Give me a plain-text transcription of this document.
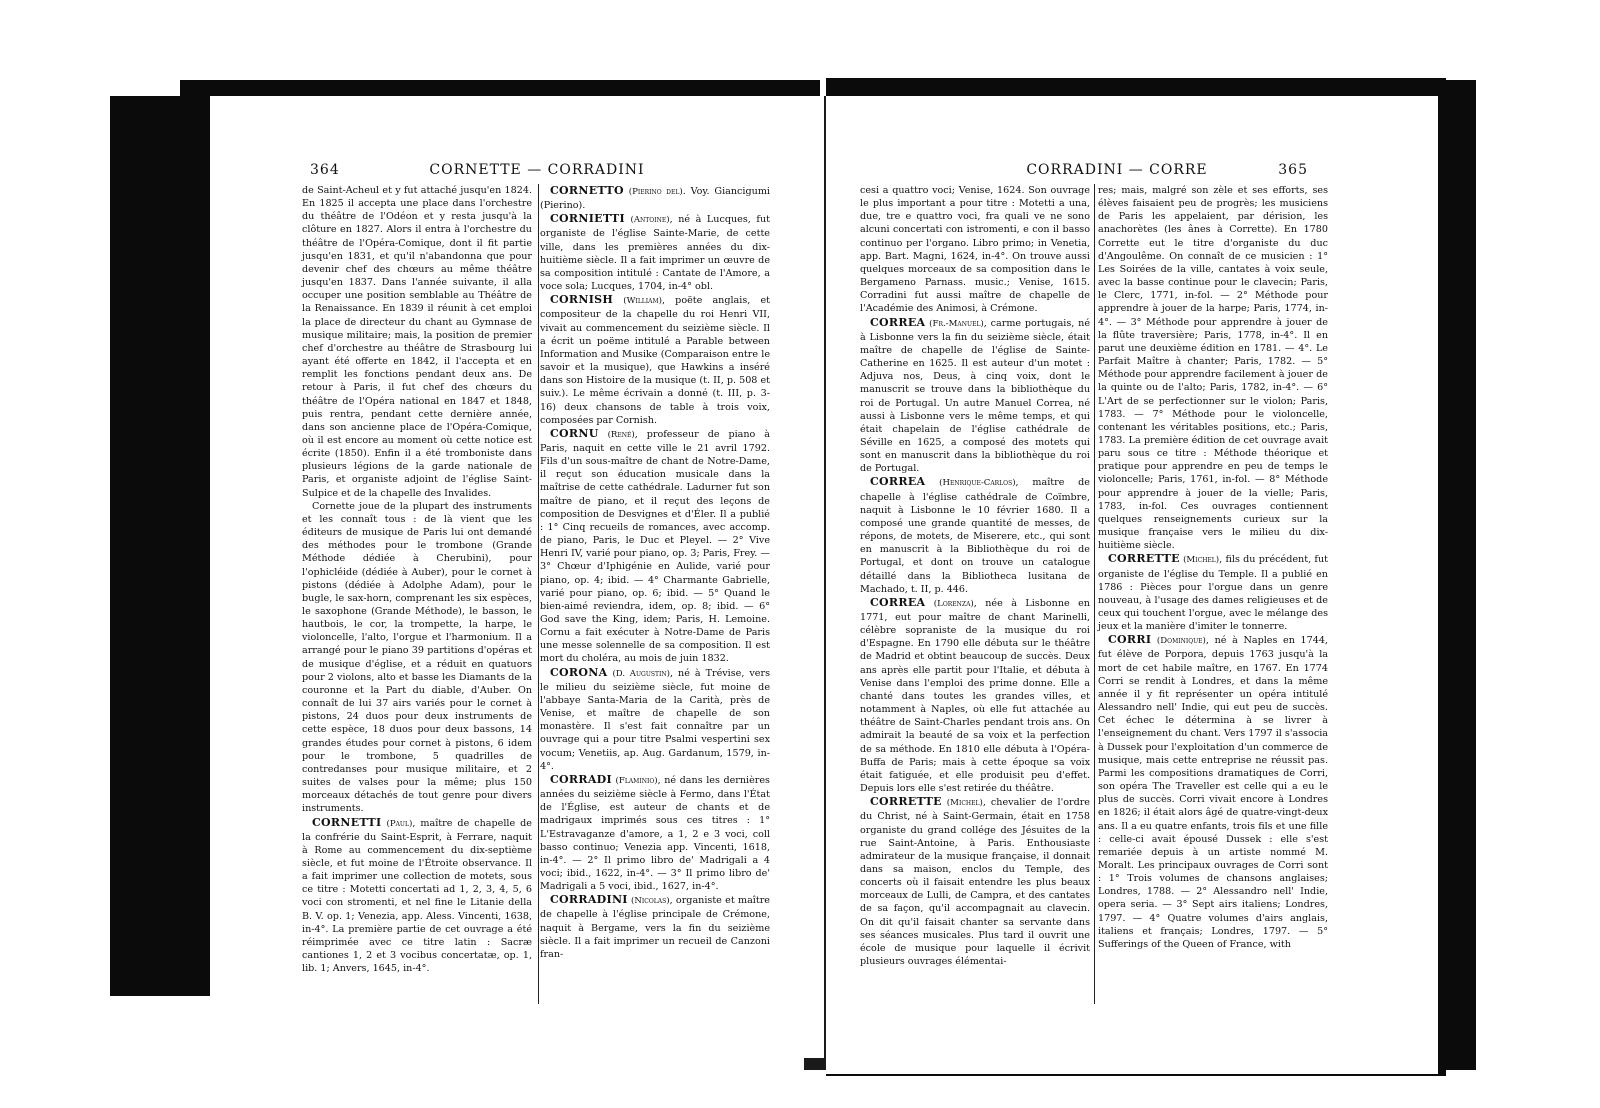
364	CORNETTE — CORRADINI

de Saint-Acheul et y fut attaché jusqu'en 1824. En 1825 il accepta une place dans l'orchestre du théâtre de l'Odéon et y resta jusqu'à la clôture en 1827. Alors il entra à l'orchestre du théâtre de l'Opéra-Comique, dont il fit partie jusqu'en 1831, et qu'il n'abandonna que pour devenir chef des chœurs au même théâtre jusqu'en 1837. Dans l'année suivante, il alla occuper une position semblable au Théâtre de la Renaissance. En 1839 il réunit à cet emploi la place de directeur du chant au Gymnase de musique militaire; mais, la position de premier chef d'orchestre au théâtre de Strasbourg lui ayant été offerte en 1842, il l'accepta et en remplit les fonctions pendant deux ans. De retour à Paris, il fut chef des chœurs du théâtre de l'Opéra national en 1847 et 1848, puis rentra, pendant cette dernière année, dans son ancienne place de l'Opéra-Comique, où il est encore au moment où cette notice est écrite (1850). Enfin il a été tromboniste dans plusieurs légions de la garde nationale de Paris, et organiste adjoint de l'église Saint-Sulpice et de la chapelle des Invalides.

Cornette joue de la plupart des instruments et les connaît tous : de là vient que les éditeurs de musique de Paris lui ont demandé des méthodes pour le trombone (Grande Méthode dédiée à Cherubini), pour l'ophicléide (dédiée à Auber), pour le cornet à pistons (dédiée à Adolphe Adam), pour le bugle, le sax-horn, comprenant les six espèces, le saxophone (Grande Méthode), le basson, le hautbois, le cor, la trompette, la harpe, le violoncelle, l'alto, l'orgue et l'harmonium. Il a arrangé pour le piano 39 partitions d'opéras et de musique d'église, et a réduit en quatuors pour 2 violons, alto et basse les Diamants de la couronne et la Part du diable, d'Auber. On connaît de lui 37 airs variés pour le cornet à pistons, 24 duos pour deux instruments de cette espèce, 18 duos pour deux bassons, 14 grandes études pour cornet à pistons, 6 idem pour le trombone, 5 quadrilles de contredanses pour musique militaire, et 2 suites de valses pour la même; plus 150 morceaux détachés de tout genre pour divers instruments.

CORNETTI (Paul), maître de chapelle de la confrérie du Saint-Esprit, à Ferrare, naquit à Rome au commencement du dix-septième siècle, et fut moine de l'Étroite observance. Il a fait imprimer une collection de motets, sous ce titre : Motetti concertati ad 1, 2, 3, 4, 5, 6 voci con stromenti, et nel fine le Litanie della B. V. op. 1; Venezia, app. Aless. Vincenti, 1638, in-4°. La première partie de cet ouvrage a été réimprimée avec ce titre latin : Sacræ cantiones 1, 2 et 3 vocibus concertatæ, op. 1, lib. 1; Anvers, 1645, in-4°.

CORNETTO (Pierino del). Voy. Giancigumi (Pierino).

CORNIETTI (Antoine), né à Lucques, fut organiste de l'église Sainte-Marie, de cette ville, dans les premières années du dix-huitième siècle. Il a fait imprimer un œuvre de sa composition intitulé : Cantate de l'Amore, a voce sola; Lucques, 1704, in-4° obl.

CORNISH (William), poëte anglais, et compositeur de la chapelle du roi Henri VII, vivait au commencement du seizième siècle. Il a écrit un poëme intitulé a Parable between Information and Musike (Comparaison entre le savoir et la musique), que Hawkins a inséré dans son Histoire de la musique (t. II, p. 508 et suiv.). Le même écrivain a donné (t. III, p. 3-16) deux chansons de table à trois voix, composées par Cornish.

CORNU (René), professeur de piano à Paris, naquit en cette ville le 21 avril 1792. Fils d'un sous-maître de chant de Notre-Dame, il reçut son éducation musicale dans la maîtrise de cette cathédrale. Ladurner fut son maître de piano, et il reçut des leçons de composition de Desvignes et d'Éler. Il a publié : 1° Cinq recueils de romances, avec accomp. de piano, Paris, le Duc et Pleyel. — 2° Vive Henri IV, varié pour piano, op. 3; Paris, Frey. — 3° Chœur d'Iphigénie en Aulide, varié pour piano, op. 4; ibid. — 4° Charmante Gabrielle, varié pour piano, op. 6; ibid. — 5° Quand le bien-aimé reviendra, idem, op. 8; ibid. — 6° God save the King, idem; Paris, H. Lemoine. Cornu a fait exécuter à Notre-Dame de Paris une messe solennelle de sa composition. Il est mort du choléra, au mois de juin 1832.

CORONA (D. Augustin), né à Trévise, vers le milieu du seizième siècle, fut moine de l'abbaye Santa-Maria de la Carità, près de Venise, et maître de chapelle de son monastère. Il s'est fait connaître par un ouvrage qui a pour titre Psalmi vespertini sex vocum; Venetiis, ap. Aug. Gardanum, 1579, in-4°.

CORRADI (Flaminio), né dans les dernières années du seizième siècle à Fermo, dans l'État de l'Église, est auteur de chants et de madrigaux imprimés sous ces titres : 1° L'Estravaganze d'amore, a 1, 2 e 3 voci, coll basso continuo; Venezia app. Vincenti, 1618, in-4°. — 2° Il primo libro de' Madrigali a 4 voci; ibid., 1622, in-4°. — 3° Il primo libro de' Madrigali a 5 voci, ibid., 1627, in-4°.

CORRADINI (Nicolas), organiste et maître de chapelle à l'église principale de Crémone, naquit à Bergame, vers la fin du seizième siècle. Il a fait imprimer un recueil de Canzoni fran-

CORRADINI — CORRE	365

cesi a quattro voci; Venise, 1624. Son ouvrage le plus important a pour titre : Motetti a una, due, tre e quattro voci, fra quali ve ne sono alcuni concertati con istromenti, e con il basso continuo per l'organo. Libro primo; in Venetia, app. Bart. Magni, 1624, in-4°. On trouve aussi quelques morceaux de sa composition dans le Bergameno Parnass. music.; Venise, 1615. Corradini fut aussi maître de chapelle de l'Académie des Animosi, à Crémone.

CORREA (Fr.-Manuel), carme portugais, né à Lisbonne vers la fin du seizième siècle, était maître de chapelle de l'église de Sainte-Catherine en 1625. Il est auteur d'un motet : Adjuva nos, Deus, à cinq voix, dont le manuscrit se trouve dans la bibliothèque du roi de Portugal. Un autre Manuel Correa, né aussi à Lisbonne vers le même temps, et qui était chapelain de l'église cathédrale de Séville en 1625, a composé des motets qui sont en manuscrit dans la bibliothèque du roi de Portugal.

CORREA (Henrique-Carlos), maître de chapelle à l'église cathédrale de Coïmbre, naquit à Lisbonne le 10 février 1680. Il a composé une grande quantité de messes, de répons, de motets, de Miserere, etc., qui sont en manuscrit à la Bibliothèque du roi de Portugal, et dont on trouve un catalogue détaillé dans la Bibliotheca lusitana de Machado, t. II, p. 446.

CORREA (Lorenza), née à Lisbonne en 1771, eut pour maître de chant Marinelli, célèbre sopraniste de la musique du roi d'Espagne. En 1790 elle débuta sur le théâtre de Madrid et obtint beaucoup de succès. Deux ans après elle partit pour l'Italie, et débuta à Venise dans l'emploi des prime donne. Elle a chanté dans toutes les grandes villes, et notamment à Naples, où elle fut attachée au théâtre de Saint-Charles pendant trois ans. On admirait la beauté de sa voix et la perfection de sa méthode. En 1810 elle débuta à l'Opéra-Buffa de Paris; mais à cette époque sa voix était fatiguée, et elle produisit peu d'effet. Depuis lors elle s'est retirée du théâtre.

CORRETTE (Michel), chevalier de l'ordre du Christ, né à Saint-Germain, était en 1758 organiste du grand collége des Jésuites de la rue Saint-Antoine, à Paris. Enthousiaste admirateur de la musique française, il donnait dans sa maison, enclos du Temple, des concerts où il faisait entendre les plus beaux morceaux de Lulli, de Campra, et des cantates de sa façon, qu'il accompagnait au clavecin. On dit qu'il faisait chanter sa servante dans ses séances musicales. Plus tard il ouvrit une école de musique pour laquelle il écrivit plusieurs ouvrages élémentai-

res; mais, malgré son zèle et ses efforts, ses élèves faisaient peu de progrès; les musiciens de Paris les appelaient, par dérision, les anachorètes (les ânes à Corrette). En 1780 Corrette eut le titre d'organiste du duc d'Angoulême. On connaît de ce musicien : 1° Les Soirées de la ville, cantates à voix seule, avec la basse continue pour le clavecin; Paris, le Clerc, 1771, in-fol. — 2° Méthode pour apprendre à jouer de la harpe; Paris, 1774, in-4°. — 3° Méthode pour apprendre à jouer de la flûte traversière; Paris, 1778, in-4°. Il en parut une deuxième édition en 1781. — 4°. Le Parfait Maître à chanter; Paris, 1782. — 5° Méthode pour apprendre facilement à jouer de la quinte ou de l'alto; Paris, 1782, in-4°. — 6° L'Art de se perfectionner sur le violon; Paris, 1783. — 7° Méthode pour le violoncelle, contenant les véritables positions, etc.; Paris, 1783. La première édition de cet ouvrage avait paru sous ce titre : Méthode théorique et pratique pour apprendre en peu de temps le violoncelle; Paris, 1761, in-fol. — 8° Méthode pour apprendre à jouer de la vielle; Paris, 1783, in-fol. Ces ouvrages contiennent quelques renseignements curieux sur la musique française vers le milieu du dix-huitième siècle.

CORRETTE (Michel), fils du précédent, fut organiste de l'église du Temple. Il a publié en 1786 : Pièces pour l'orgue dans un genre nouveau, à l'usage des dames religieuses et de ceux qui touchent l'orgue, avec le mélange des jeux et la manière d'imiter le tonnerre.

CORRI (Dominique), né à Naples en 1744, fut élève de Porpora, depuis 1763 jusqu'à la mort de cet habile maître, en 1767. En 1774 Corri se rendit à Londres, et dans la même année il y fit représenter un opéra intitulé Alessandro nell' Indie, qui eut peu de succès. Cet échec le détermina à se livrer à l'enseignement du chant. Vers 1797 il s'associa à Dussek pour l'exploitation d'un commerce de musique, mais cette entreprise ne réussit pas. Parmi les compositions dramatiques de Corri, son opéra The Traveller est celle qui a eu le plus de succès. Corri vivait encore à Londres en 1826; il était alors âgé de quatre-vingt-deux ans. Il a eu quatre enfants, trois fils et une fille : celle-ci avait épousé Dussek : elle s'est remariée depuis à un artiste nommé M. Moralt. Les principaux ouvrages de Corri sont : 1° Trois volumes de chansons anglaises; Londres, 1788. — 2° Alessandro nell' Indie, opera seria. — 3° Sept airs italiens; Londres, 1797. — 4° Quatre volumes d'airs anglais, italiens et français; Londres, 1797. — 5° Sufferings of the Queen of France, with
